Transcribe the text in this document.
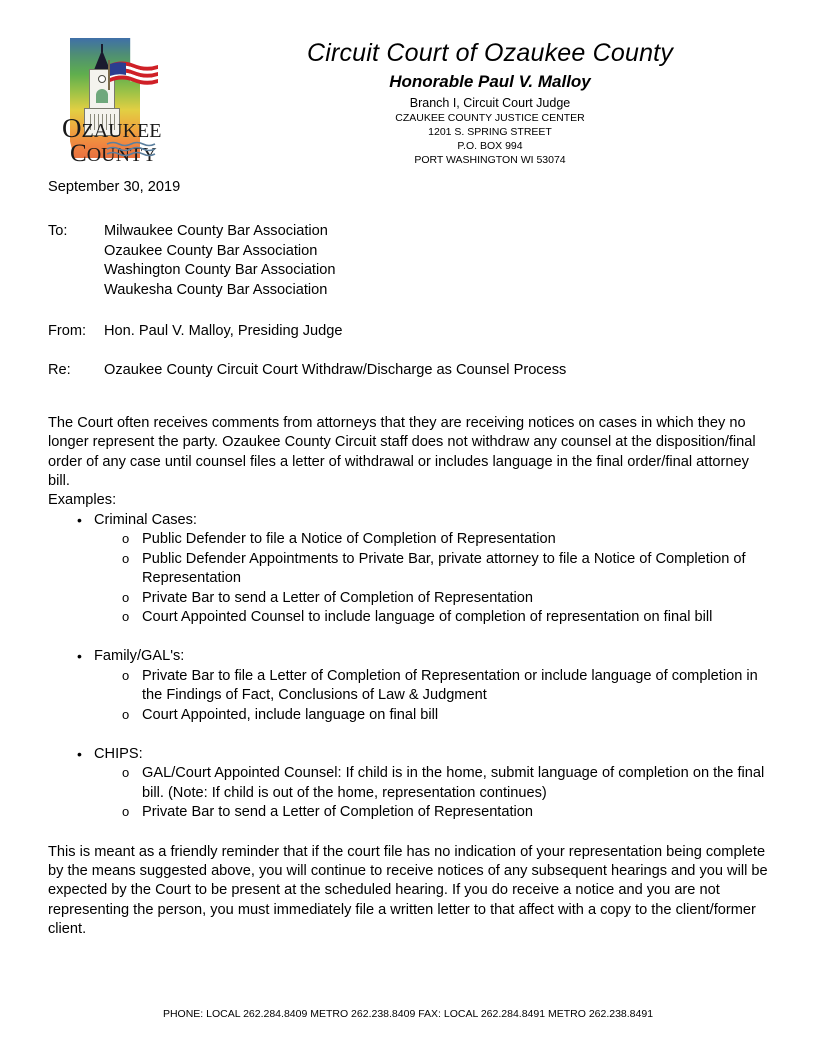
OZAUKEE
COUNTY
Circuit Court of Ozaukee County
Honorable Paul V. Malloy
Branch I, Circuit Court Judge
CZAUKEE COUNTY JUSTICE CENTER
1201 S. SPRING STREET
P.O. BOX 994
PORT WASHINGTON WI 53074
September 30, 2019
To:	Milwaukee County Bar Association
Ozaukee County Bar Association
Washington County Bar Association
Waukesha County Bar Association
From:	Hon. Paul V. Malloy, Presiding Judge
Re:	Ozaukee County Circuit Court Withdraw/Discharge as Counsel Process

The Court often receives comments from attorneys that they are receiving notices on cases in which they no longer represent the party. Ozaukee County Circuit staff does not withdraw any counsel at the disposition/final order of any case until counsel files a letter of withdrawal or includes language in the final order/final attorney bill.

Examples:
• Criminal Cases:
o Public Defender to file a Notice of Completion of Representation
o Public Defender Appointments to Private Bar, private attorney to file a Notice of Completion of Representation
o Private Bar to send a Letter of Completion of Representation
o Court Appointed Counsel to include language of completion of representation on final bill
• Family/GAL's:
o Private Bar to file a Letter of Completion of Representation or include language of completion in the Findings of Fact, Conclusions of Law & Judgment
o Court Appointed, include language on final bill
• CHIPS:
o GAL/Court Appointed Counsel: If child is in the home, submit language of completion on the final bill. (Note: If child is out of the home, representation continues)
o Private Bar to send a Letter of Completion of Representation

This is meant as a friendly reminder that if the court file has no indication of your representation being complete by the means suggested above, you will continue to receive notices of any subsequent hearings and you will be expected by the Court to be present at the scheduled hearing. If you do receive a notice and you are not representing the person, you must immediately file a written letter to that affect with a copy to the client/former client.

PHONE: LOCAL 262.284.8409 METRO 262.238.8409 FAX: LOCAL 262.284.8491 METRO 262.238.8491
